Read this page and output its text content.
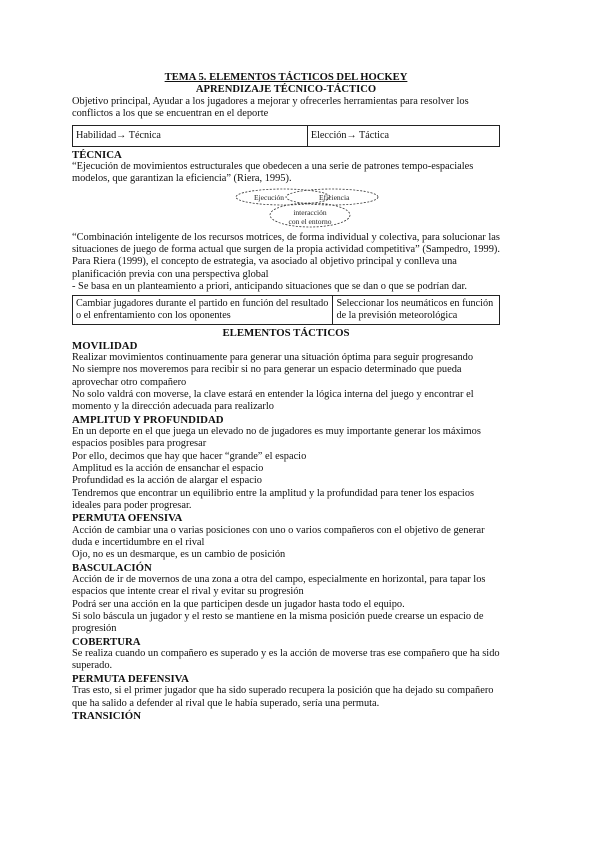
TEMA 5. ELEMENTOS TÁCTICOS DEL HOCKEY
APRENDIZAJE TÉCNICO-TÁCTICO

Objetivo principal, Ayudar a los jugadores a mejorar y ofrecerles herramientas para resolver los conflictos a los que se encuentran en el deporte

Habilidad→ Técnica	Elección→ Táctica
TÉCNICA

“Ejecución de movimientos estructurales que obedecen a una serie de patrones tempo-espaciales modelos, que garantizan la eficiencia” (Riera, 1995).

Ejecución	Eficiencia
interacción
con el entorno

“Combinación inteligente de los recursos motrices, de forma individual y colectiva, para solucionar las situaciones de juego de forma actual que surgen de la propia actividad competitiva” (Sampedro, 1999).

Para Riera (1999), el concepto de estrategia, va asociado al objetivo principal y conlleva una planificación previa con una perspectiva global

- Se basa en un planteamiento a priori, anticipando situaciones que se dan o que se podrían dar.

Cambiar jugadores durante el partido en función del resultado o el enfrentamiento con los oponentes	Seleccionar los neumáticos en función de la previsión meteorológica
ELEMENTOS TÁCTICOS
MOVILIDAD

Realizar movimientos continuamente para generar una situación óptima para seguir progresando

No siempre nos moveremos para recibir si no para generar un espacio determinado que pueda aprovechar otro compañero

No solo valdrá con moverse, la clave estará en entender la lógica interna del juego y encontrar el momento y la dirección adecuada para realizarlo

AMPLITUD Y PROFUNDIDAD

En un deporte en el que juega un elevado no de jugadores es muy importante generar los máximos espacios posibles para progresar

Por ello, decimos que hay que hacer “grande” el espacio

Amplitud es la acción de ensanchar el espacio

Profundidad es la acción de alargar el espacio

Tendremos que encontrar un equilibrio entre la amplitud y la profundidad para tener los espacios ideales para poder progresar.

PERMUTA OFENSIVA

Acción de cambiar una o varias posiciones con uno o varios compañeros con el objetivo de generar duda e incertidumbre en el rival

Ojo, no es un desmarque, es un cambio de posición

BASCULACIÓN

Acción de ir de movernos de una zona a otra del campo, especialmente en horizontal, para tapar los espacios que intente crear el rival y evitar su progresión

Podrá ser una acción en la que participen desde un jugador hasta todo el equipo.

Si solo báscula un jugador y el resto se mantiene en la misma posición puede crearse un espacio de progresión

COBERTURA

Se realiza cuando un compañero es superado y es la acción de moverse tras ese compañero que ha sido superado.

PERMUTA DEFENSIVA

Tras esto, si el primer jugador que ha sido superado recupera la posición que ha dejado su compañero que ha salido a defender al rival que le había superado, sería una permuta.

TRANSICIÓN
